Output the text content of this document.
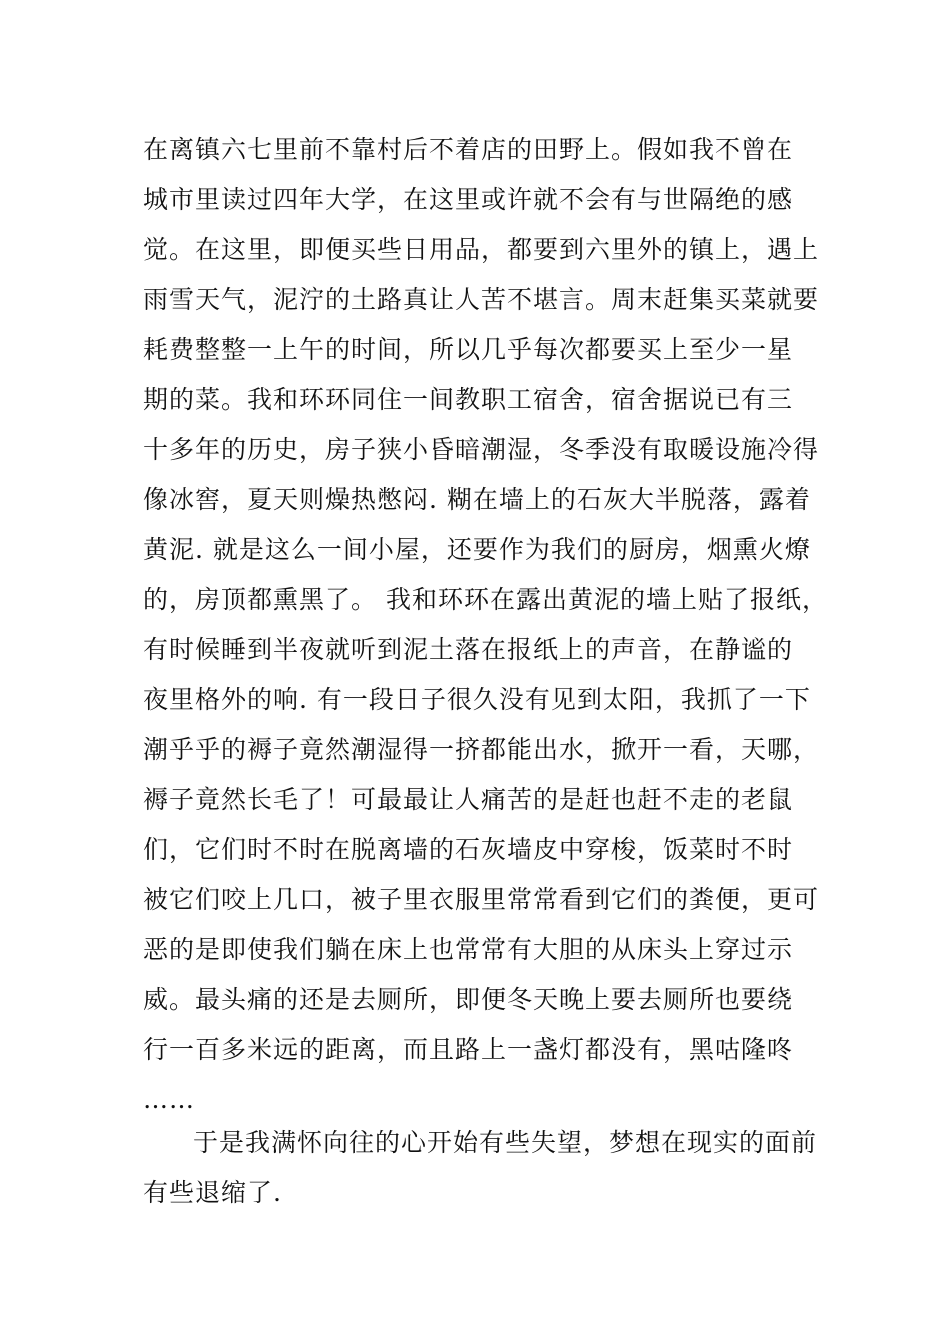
在离镇六七里前不靠村后不着店的田野上。假如我不曾在
城市里读过四年大学，在这里或许就不会有与世隔绝的感
觉。在这里，即便买些日用品，都要到六里外的镇上，遇上
雨雪天气，泥泞的土路真让人苦不堪言。周末赶集买菜就要
耗费整整一上午的时间，所以几乎每次都要买上至少一星
期的菜。我和环环同住一间教职工宿舍，宿舍据说已有三
十多年的历史，房子狭小昏暗潮湿，冬季没有取暖设施冷得
像冰窖，夏天则燥热憋闷. 糊在墙上的石灰大半脱落，露着
黄泥. 就是这么一间小屋，还要作为我们的厨房，烟熏火燎
的，房顶都熏黑了。 我和环环在露出黄泥的墙上贴了报纸，
有时候睡到半夜就听到泥土落在报纸上的声音，在静谧的
夜里格外的响. 有一段日子很久没有见到太阳，我抓了一下
潮乎乎的褥子竟然潮湿得一挤都能出水，掀开一看，天哪，
褥子竟然长毛了！可最最让人痛苦的是赶也赶不走的老鼠
们，它们时不时在脱离墙的石灰墙皮中穿梭，饭菜时不时
被它们咬上几口，被子里衣服里常常看到它们的粪便，更可
恶的是即使我们躺在床上也常常有大胆的从床头上穿过示
威。最头痛的还是去厕所，即便冬天晚上要去厕所也要绕
行一百多米远的距离，而且路上一盏灯都没有，黑咕隆咚
……
于是我满怀向往的心开始有些失望，梦想在现实的面前
有些退缩了.
